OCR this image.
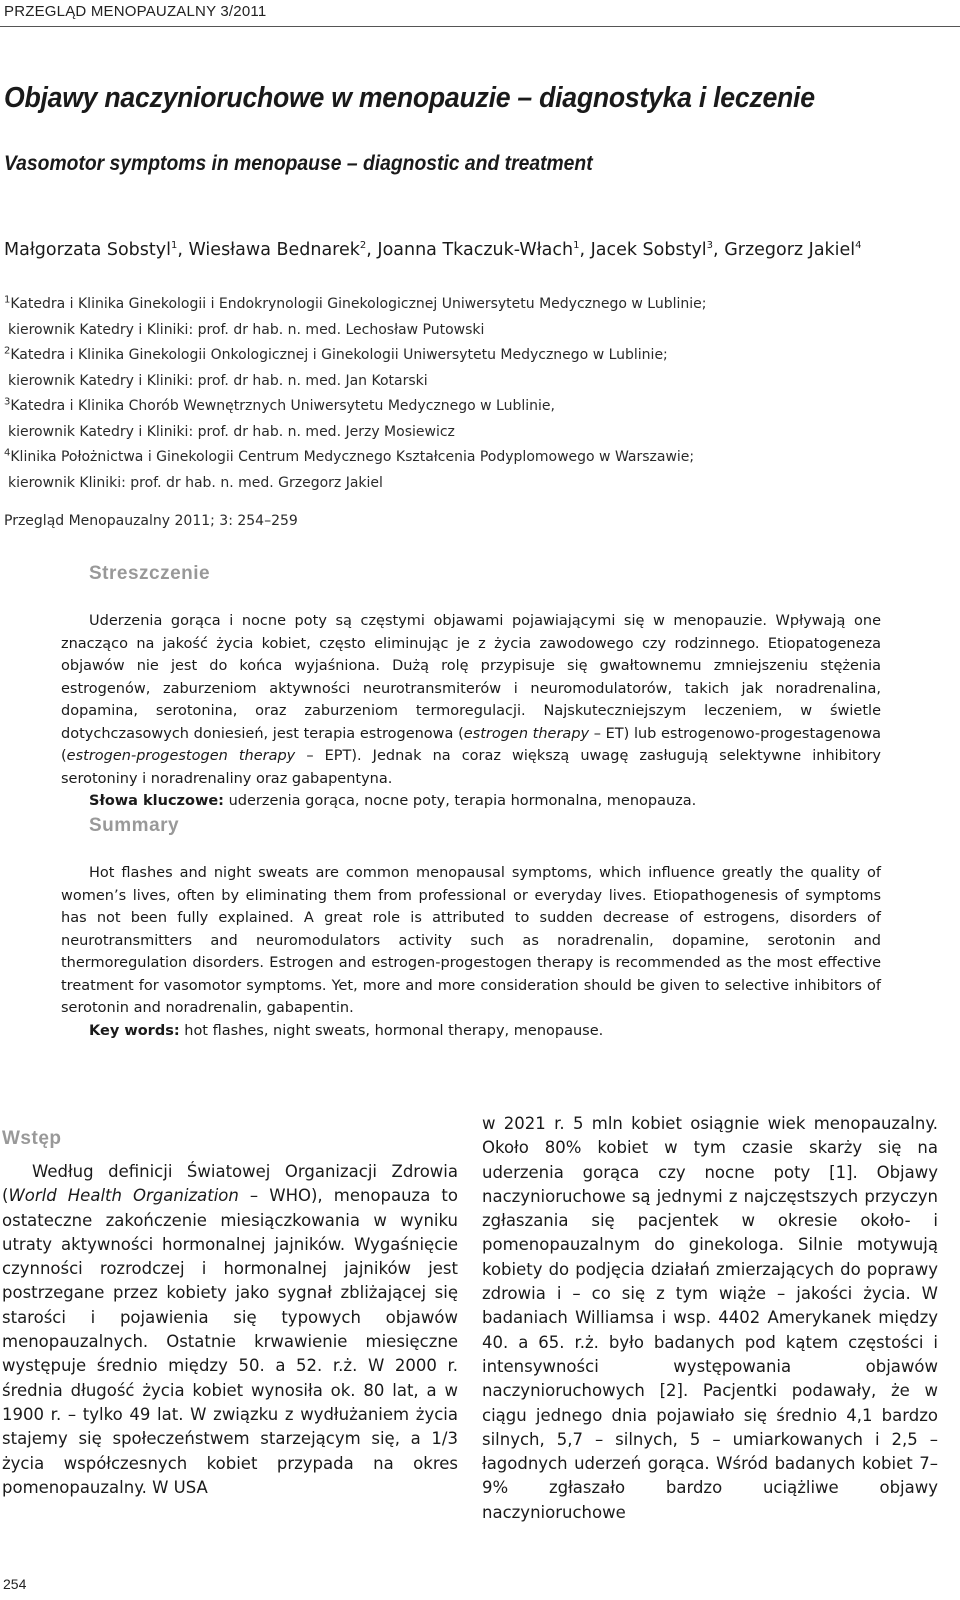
PRZEGLĄD MENOPAUZALNY 3/2011
Objawy naczynioruchowe w menopauzie – diagnostyka i leczenie
Vasomotor symptoms in menopause – diagnostic and treatment
Małgorzata Sobstyl$^1$, Wiesława Bednarek$^2$, Joanna Tkaczuk-Włach$^1$, Jacek Sobstyl$^3$, Grzegorz Jakiel$^4$
$^1$Katedra i Klinika Ginekologii i Endokrynologii Ginekologicznej Uniwersytetu Medycznego w Lublinie;
kierownik Katedry i Kliniki: prof. dr hab. n. med. Lechosław Putowski
$^2$Katedra i Klinika Ginekologii Onkologicznej i Ginekologii Uniwersytetu Medycznego w Lublinie;
kierownik Katedry i Kliniki: prof. dr hab. n. med. Jan Kotarski
$^3$Katedra i Klinika Chorób Wewnętrznych Uniwersytetu Medycznego w Lublinie,
kierownik Katedry i Kliniki: prof. dr hab. n. med. Jerzy Mosiewicz
$^4$Klinika Położnictwa i Ginekologii Centrum Medycznego Kształcenia Podyplomowego w Warszawie;
kierownik Kliniki: prof. dr hab. n. med. Grzegorz Jakiel
Przegląd Menopauzalny 2011; 3: 254–259
Streszczenie

Uderzenia gorąca i nocne poty są częstymi objawami pojawiającymi się w menopauzie. Wpływają one znacząco na jakość życia kobiet, często eliminując je z życia zawodowego czy rodzinnego. Etiopatogeneza objawów nie jest do końca wyjaśniona. Dużą rolę przypisuje się gwałtownemu zmniejszeniu stężenia estrogenów, zaburzeniom aktywności neurotransmiterów i neuromodulatorów, takich jak noradrenalina, dopamina, serotonina, oraz zaburzeniom termoregulacji. Najskuteczniejszym leczeniem, w świetle dotychczasowych doniesień, jest terapia estrogenowa (estrogen therapy – ET) lub estrogenowo-progestagenowa (estrogen-progestogen therapy – EPT). Jednak na coraz większą uwagę zasługują selektywne inhibitory serotoniny i noradrenaliny oraz gabapentyna.

Słowa kluczowe: uderzenia gorąca, nocne poty, terapia hormonalna, menopauza.

Summary

Hot flashes and night sweats are common menopausal symptoms, which influence greatly the quality of women’s lives, often by eliminating them from professional or everyday lives. Etiopathogenesis of symptoms has not been fully explained. A great role is attributed to sudden decrease of estrogens, disorders of neurotransmitters and neuromodulators activity such as noradrenalin, dopamine, serotonin and thermoregulation disorders. Estrogen and estrogen-progestogen therapy is recommended as the most effective treatment for vasomotor symptoms. Yet, more and more consideration should be given to selective inhibitors of serotonin and noradrenalin, gabapentin.

Key words: hot flashes, night sweats, hormonal therapy, menopause.

Wstęp

Według definicji Światowej Organizacji Zdrowia (World Health Organization – WHO), menopauza to ostateczne zakończenie miesiączkowania w wyniku utraty aktywności hormonalnej jajników. Wygaśnięcie czynności rozrodczej i hormonalnej jajników jest postrzegane przez kobiety jako sygnał zbliżającej się starości i pojawienia się typowych objawów menopauzalnych. Ostatnie krwawienie miesięczne występuje średnio między 50. a 52. r.ż. W 2000 r. średnia długość życia kobiet wynosiła ok. 80 lat, a w 1900 r. – tylko 49 lat. W związku z wydłużaniem życia stajemy się społeczeństwem starzejącym się, a 1/3 życia współczesnych kobiet przypada na okres pomenopauzalny. W USA

w 2021 r. 5 mln kobiet osiągnie wiek menopauzalny. Około 80% kobiet w tym czasie skarży się na uderzenia gorąca czy nocne poty [1]. Objawy naczynioruchowe są jednymi z najczęstszych przyczyn zgłaszania się pacjentek w okresie około- i pomenopauzalnym do ginekologa. Silnie motywują kobiety do podjęcia działań zmierzających do poprawy zdrowia i – co się z tym wiąże – jakości życia. W badaniach Williamsa i wsp. 4402 Amerykanek między 40. a 65. r.ż. było badanych pod kątem częstości i intensywności występowania objawów naczynioruchowych [2]. Pacjentki podawały, że w ciągu jednego dnia pojawiało się średnio 4,1 bardzo silnych, 5,7 – silnych, 5 – umiarkowanych i 2,5 – łagodnych uderzeń gorąca. Wśród badanych kobiet 7–9% zgłaszało bardzo uciążliwe objawy naczynioruchowe

254
